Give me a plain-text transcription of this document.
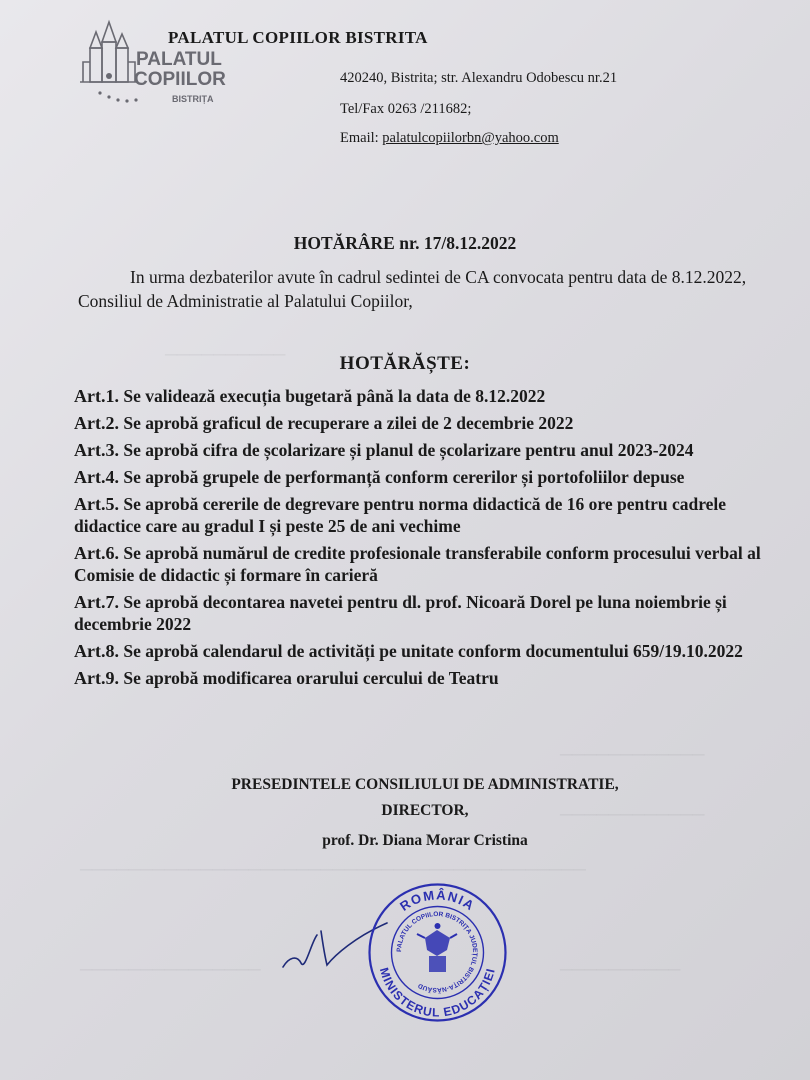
──────────
────────────
────────────
──────────────────────────────────────────
───────────────	──────────
PALATUL
COPIILOR
BISTRIȚA
PALATUL COPIILOR BISTRITA
420240, Bistrita; str. Alexandru Odobescu nr.21
Tel/Fax 0263 /211682;
Email: palatulcopiilorbn@yahoo.com
HOTĂRÂRE nr. 17/8.12.2022
In urma dezbaterilor avute în cadrul sedintei de CA convocata pentru data de 8.12.2022, Consiliul de Administratie al Palatului Copiilor,
HOTĂRĂȘTE:
Art.1. Se validează execuția bugetară până la data de 8.12.2022
Art.2. Se aprobă graficul de recuperare a zilei de 2 decembrie 2022
Art.3. Se aprobă cifra de școlarizare și planul de școlarizare pentru anul 2023-2024
Art.4. Se aprobă grupele de performanță conform cererilor și portofoliilor depuse
Art.5. Se aprobă cererile de degrevare pentru norma didactică de 16 ore pentru cadrele didactice care au gradul I și peste 25 de ani vechime
Art.6. Se aprobă numărul de credite profesionale transferabile conform procesului verbal al Comisie de didactic și formare în carieră
Art.7. Se aprobă decontarea navetei pentru dl. prof. Nicoară Dorel pe luna noiembrie și decembrie 2022
Art.8. Se aprobă calendarul de activități pe unitate conform documentului 659/19.10.2022
Art.9. Se aprobă modificarea orarului cercului de Teatru
PRESEDINTELE CONSILIULUI DE ADMINISTRATIE,
DIRECTOR,
prof. Dr. Diana Morar Cristina
ROMÂNIA
MINISTERUL EDUCAȚIEI
PALATUL COPIILOR BISTRIȚA JUDEȚUL BISTRIȚA-NĂSĂUD
